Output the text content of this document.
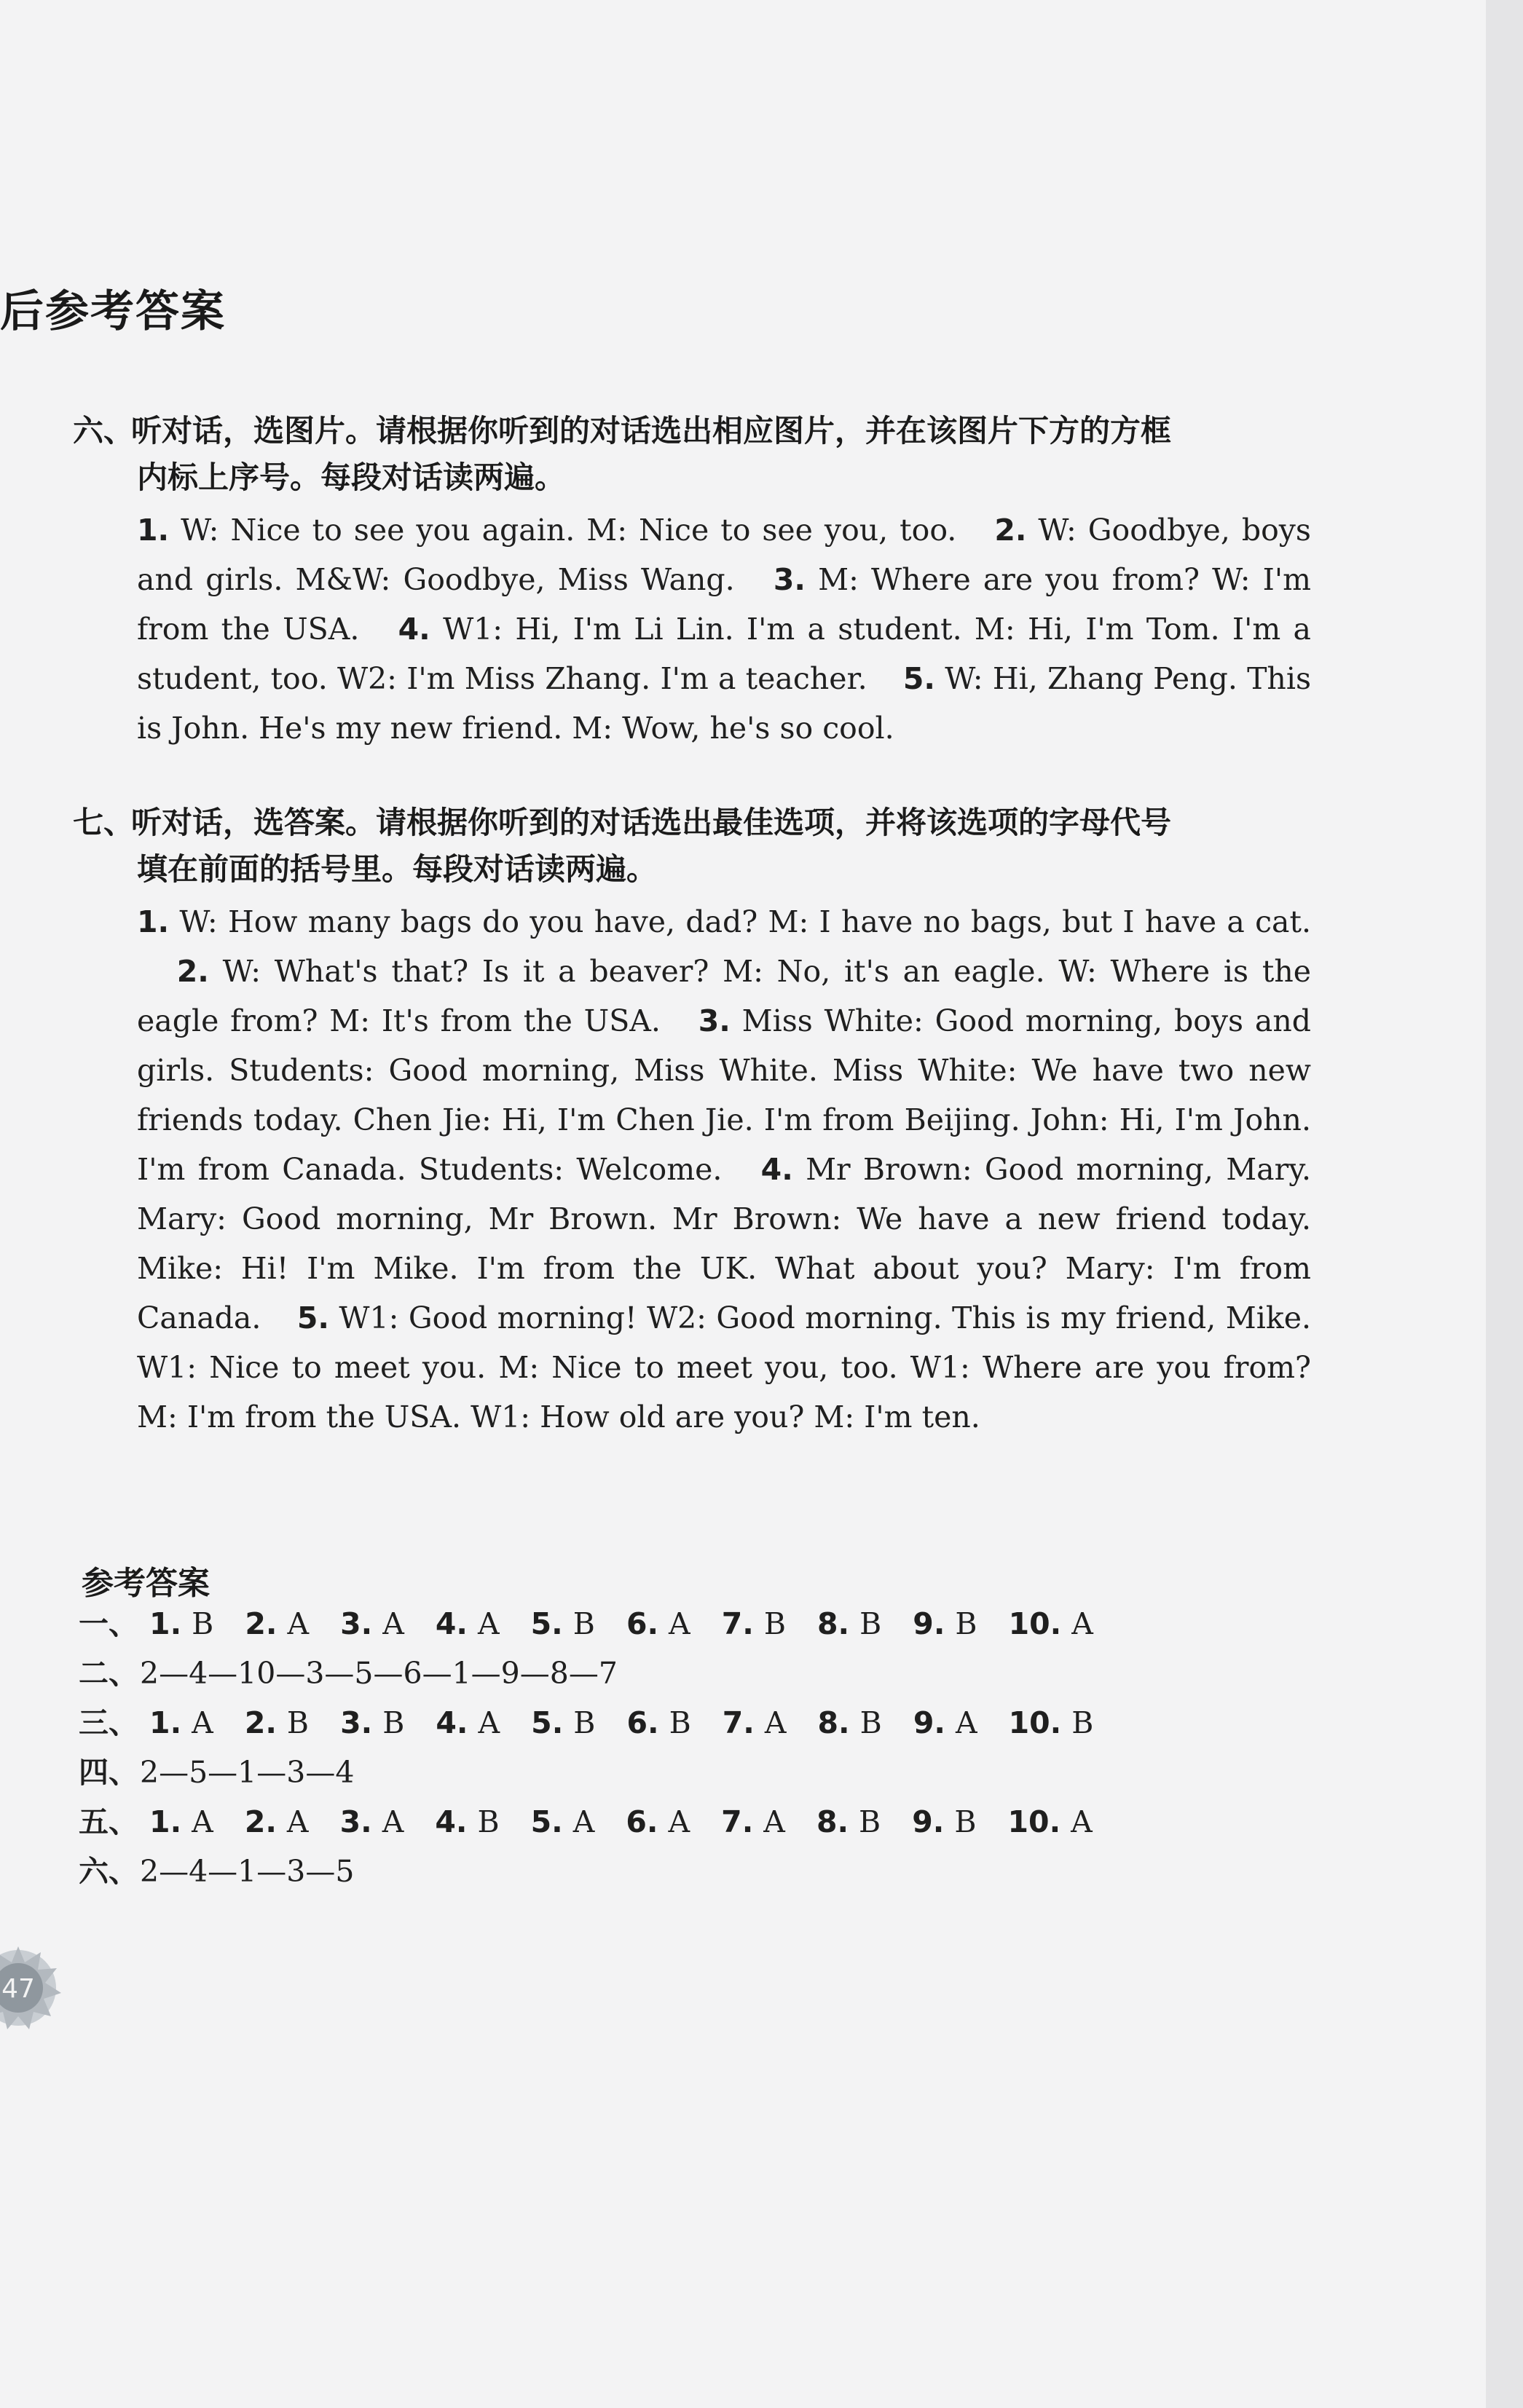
后参考答案
六、听对话，选图片。请根据你听到的对话选出相应图片，并在该图片下方的方框
内标上序号。每段对话读两遍。
1. W: Nice to see you again. M: Nice to see you, too. 2. W: Goodbye, boys and girls. M&W: Goodbye, Miss Wang. 3. M: Where are you from? W: I'm from the USA. 4. W1: Hi, I'm Li Lin. I'm a student. M: Hi, I'm Tom. I'm a student, too. W2: I'm Miss Zhang. I'm a teacher. 5. W: Hi, Zhang Peng. This is John. He's my new friend. M: Wow, he's so cool.
七、听对话，选答案。请根据你听到的对话选出最佳选项，并将该选项的字母代号
填在前面的括号里。每段对话读两遍。
1. W: How many bags do you have, dad? M: I have no bags, but I have a cat. 2. W: What's that? Is it a beaver? M: No, it's an eagle. W: Where is the eagle from? M: It's from the USA. 3. Miss White: Good morning, boys and girls. Students: Good morning, Miss White. Miss White: We have two new friends today. Chen Jie: Hi, I'm Chen Jie. I'm from Beijing. John: Hi, I'm John. I'm from Canada. Students: Welcome. 4. Mr Brown: Good morning, Mary. Mary: Good morning, Mr Brown. Mr Brown: We have a new friend today. Mike: Hi! I'm Mike. I'm from the UK. What about you? Mary: I'm from Canada. 5. W1: Good morning! W2: Good morning. This is my friend, Mike. W1: Nice to meet you. M: Nice to meet you, too. W1: Where are you from? M: I'm from the USA. W1: How old are you? M: I'm ten.
参考答案
一、 1. B 2. A 3. A 4. A 5. B 6. A 7. B 8. B 9. B 10. A
二、2—4—10—3—5—6—1—9—8—7
三、 1. A 2. B 3. B 4. A 5. B 6. B 7. A 8. B 9. A 10. B
四、2—5—1—3—4
五、 1. A 2. A 3. A 4. B 5. A 6. A 7. A 8. B 9. B 10. A
六、2—4—1—3—5
47
